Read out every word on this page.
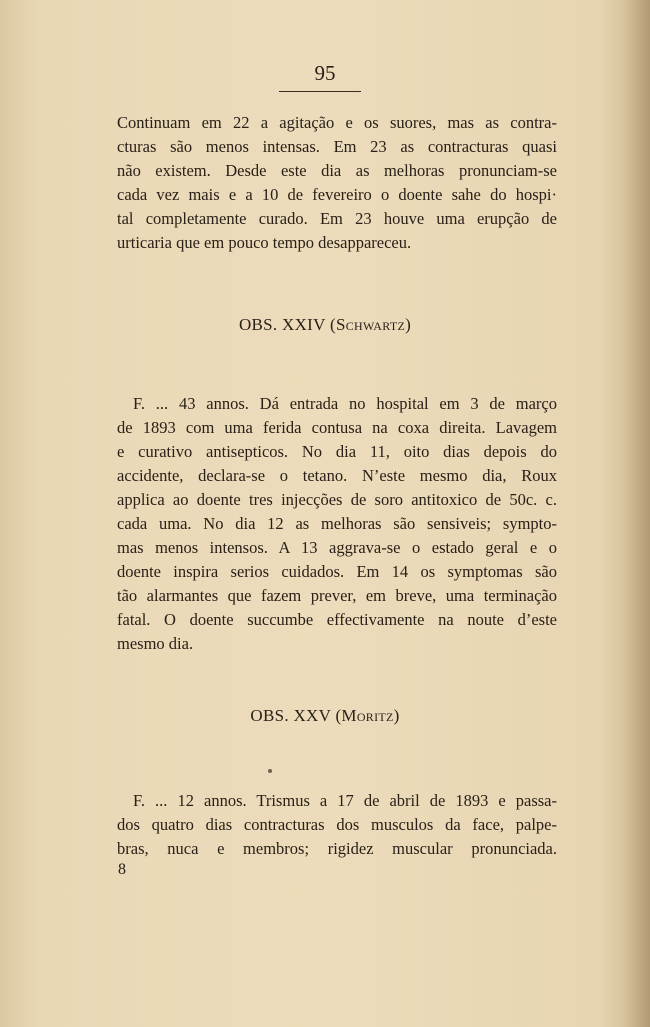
95
Continuam em 22 a agitação e os suores, mas as contra-
cturas são menos intensas. Em 23 as contracturas quasi
não existem. Desde este dia as melhoras pronunciam-se
cada vez mais e a 10 de fevereiro o doente sahe do hospi·
tal completamente curado. Em 23 houve uma erupção de
urticaria que em pouco tempo desappareceu.
OBS. XXIV (Schwartz)
F. ... 43 annos. Dá entrada no hospital em 3 de março
de 1893 com uma ferida contusa na coxa direita. Lavagem
e curativo antisepticos. No dia 11, oito dias depois do
accidente, declara-se o tetano. N’este mesmo dia, Roux
applica ao doente tres injecções de soro antitoxico de 50c. c.
cada uma. No dia 12 as melhoras são sensiveis; sympto-
mas menos intensos. A 13 aggrava-se o estado geral e o
doente inspira serios cuidados. Em 14 os symptomas são
tão alarmantes que fazem prever, em breve, uma terminação
fatal. O doente succumbe effectivamente na noute d’este
mesmo dia.
OBS. XXV (Moritz)
F. ... 12 annos. Trismus a 17 de abril de 1893 e passa-
dos quatro dias contracturas dos musculos da face, palpe-
bras, nuca e membros; rigidez muscular pronunciada.
8
